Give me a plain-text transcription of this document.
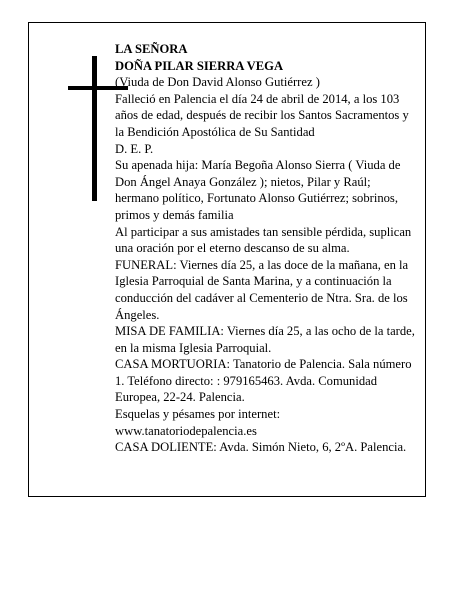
LA SEÑORA
DOÑA PILAR SIERRA VEGA
(Viuda de Don David Alonso Gutiérrez )
Falleció en Palencia el día 24 de abril de 2014, a los 103 años de edad, después de recibir los Santos Sacramentos y la Bendición Apostólica de Su Santidad
D. E. P.
Su apenada hija: María Begoña Alonso Sierra ( Viuda de Don Ángel Anaya González ); nietos, Pilar y Raúl; hermano político, Fortunato Alonso Gutiérrez; sobrinos, primos y demás familia
Al participar a sus amistades tan sensible pérdida, suplican una oración por el eterno descanso de su alma.
FUNERAL: Viernes día 25, a las doce de la mañana, en la Iglesia Parroquial de Santa Marina, y a continuación la conducción del cadáver al Cementerio de Ntra. Sra. de los Ángeles.
MISA DE FAMILIA: Viernes día 25, a las ocho de la tarde, en la misma Iglesia Parroquial.
CASA MORTUORIA: Tanatorio de Palencia. Sala número 1. Teléfono directo: : 979165463. Avda. Comunidad Europea, 22-24. Palencia.
Esquelas y pésames por internet:
www.tanatoriodepalencia.es
CASA DOLIENTE: Avda. Simón Nieto, 6, 2ºA. Palencia.
